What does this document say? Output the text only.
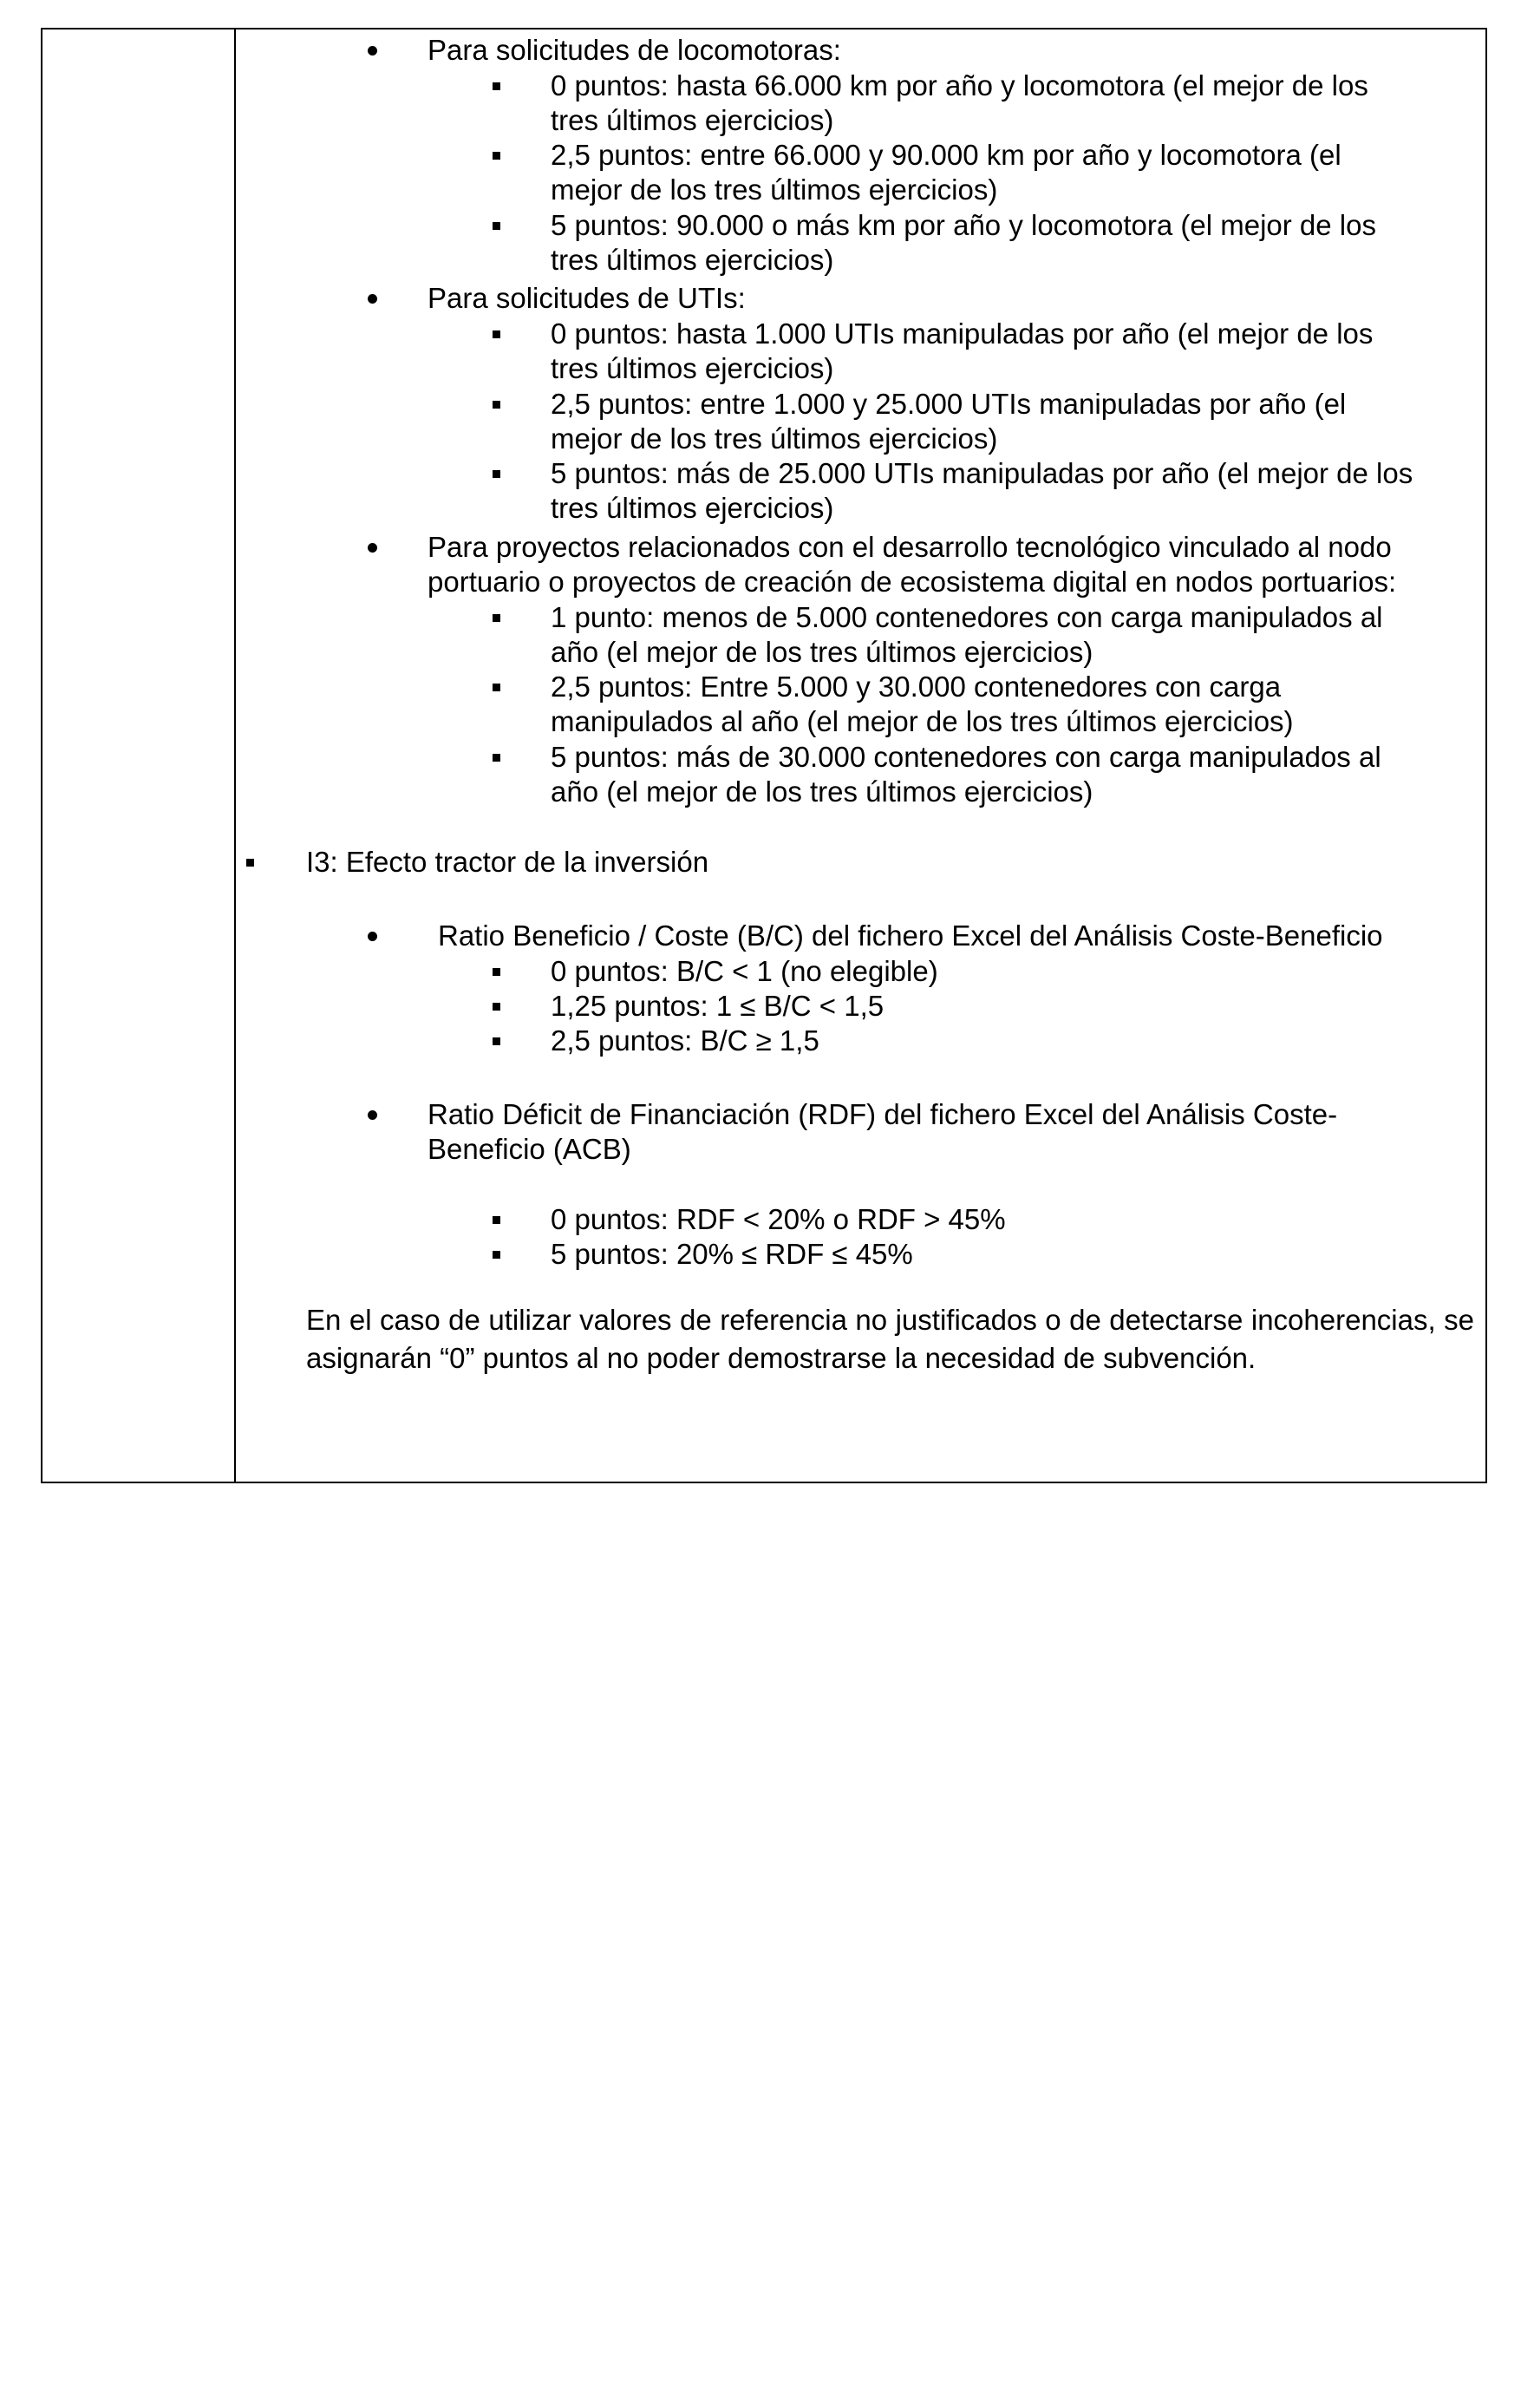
Para solicitudes de locomotoras:
0 puntos: hasta 66.000 km por año y locomotora (el mejor de los
tres últimos ejercicios)
2,5 puntos: entre 66.000 y 90.000 km por año y locomotora (el
mejor de los tres últimos ejercicios)
5 puntos: 90.000 o más km por año y locomotora (el mejor de los
tres últimos ejercicios)
Para solicitudes de UTIs:
0 puntos: hasta 1.000 UTIs manipuladas por año (el mejor de los
tres últimos ejercicios)
2,5 puntos: entre 1.000 y 25.000 UTIs manipuladas por año (el
mejor de los tres últimos ejercicios)
5 puntos: más de 25.000 UTIs manipuladas por año (el mejor de los
tres últimos ejercicios)
Para proyectos relacionados con el desarrollo tecnológico vinculado al nodo
portuario o proyectos de creación de ecosistema digital en nodos portuarios:
1 punto: menos de 5.000 contenedores con carga manipulados al
año (el mejor de los tres últimos ejercicios)
2,5 puntos: Entre 5.000 y 30.000 contenedores con carga
manipulados al año (el mejor de los tres últimos ejercicios)
5 puntos: más de 30.000 contenedores con carga manipulados al
año (el mejor de los tres últimos ejercicios)
I3: Efecto tractor de la inversión
Ratio Beneficio / Coste (B/C) del fichero Excel del Análisis Coste-Beneficio
0 puntos: B/C < 1 (no elegible)
1,25 puntos: 1 ≤ B/C < 1,5
2,5 puntos: B/C ≥ 1,5
Ratio Déficit de Financiación (RDF) del fichero Excel del Análisis Coste-
Beneficio (ACB)
0 puntos: RDF < 20% o RDF > 45%
5 puntos: 20% ≤ RDF ≤ 45%
En el caso de utilizar valores de referencia no justificados o de detectarse incoherencias, se asignarán “0” puntos al no poder demostrarse la necesidad de subvención.
